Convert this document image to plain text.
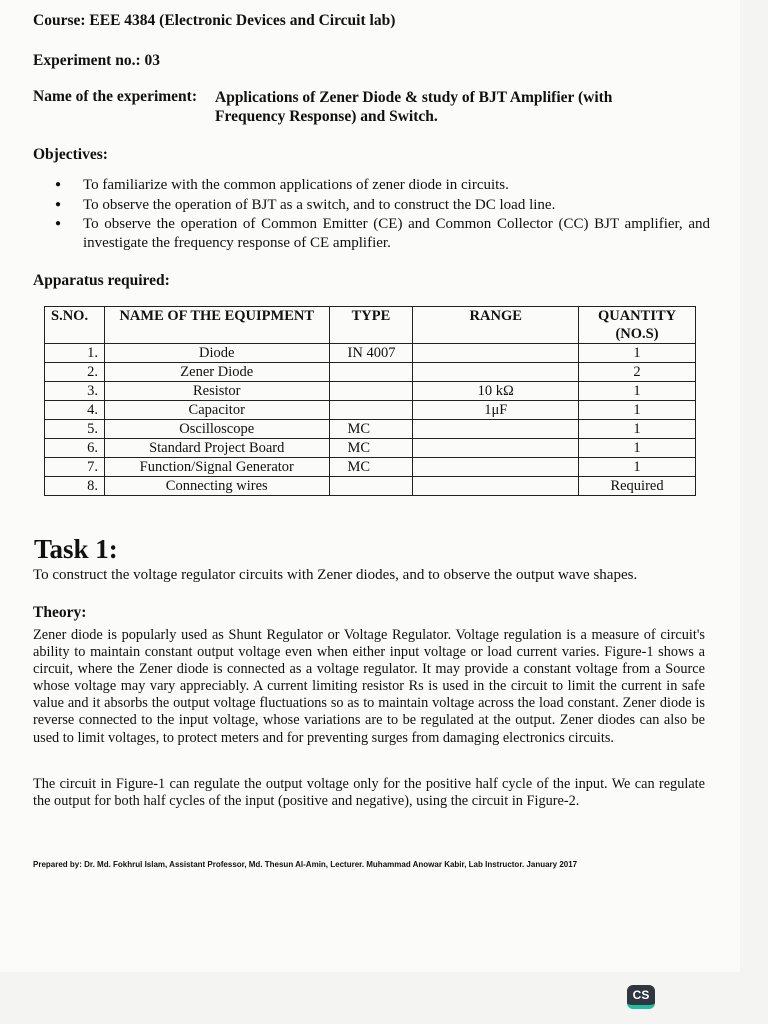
Course: EEE 4384 (Electronic Devices and Circuit lab)
Experiment no.: 03
Name of the experiment:	Applications of Zener Diode & study of BJT Amplifier (with Frequency Response) and Switch.
Objectives:
● To familiarize with the common applications of zener diode in circuits.
● To observe the operation of BJT as a switch, and to construct the DC load line.
● To observe the operation of Common Emitter (CE) and Common Collector (CC) BJT amplifier, and investigate the frequency response of CE amplifier.
Apparatus required:
S.NO.	NAME OF THE EQUIPMENT	TYPE	RANGE	QUANTITY (NO.S)
1.	Diode	IN 4007		1
2.	Zener Diode			2
3.	Resistor		10 kΩ	1
4.	Capacitor		1μF	1
5.	Oscilloscope	MC		1
6.	Standard Project Board	MC		1
7.	Function/Signal Generator	MC		1
8.	Connecting wires			Required
Task 1:
To construct the voltage regulator circuits with Zener diodes, and to observe the output wave shapes.
Theory:

Zener diode is popularly used as Shunt Regulator or Voltage Regulator. Voltage regulation is a measure of circuit's ability to maintain constant output voltage even when either input voltage or load current varies. Figure-1 shows a circuit, where the Zener diode is connected as a voltage regulator. It may provide a constant voltage from a Source whose voltage may vary appreciably. A current limiting resistor Rs is used in the circuit to limit the current in safe value and it absorbs the output voltage fluctuations so as to maintain voltage across the load constant. Zener diode is reverse connected to the input voltage, whose variations are to be regulated at the output. Zener diodes can also be used to limit voltages, to protect meters and for preventing surges from damaging electronics circuits.

The circuit in Figure-1 can regulate the output voltage only for the positive half cycle of the input. We can regulate the output for both half cycles of the input (positive and negative), using the circuit in Figure-2.

Prepared by: Dr. Md. Fokhrul Islam, Assistant Professor, Md. Thesun Al-Amin, Lecturer. Muhammad Anowar Kabir, Lab Instructor. January 2017
CS
